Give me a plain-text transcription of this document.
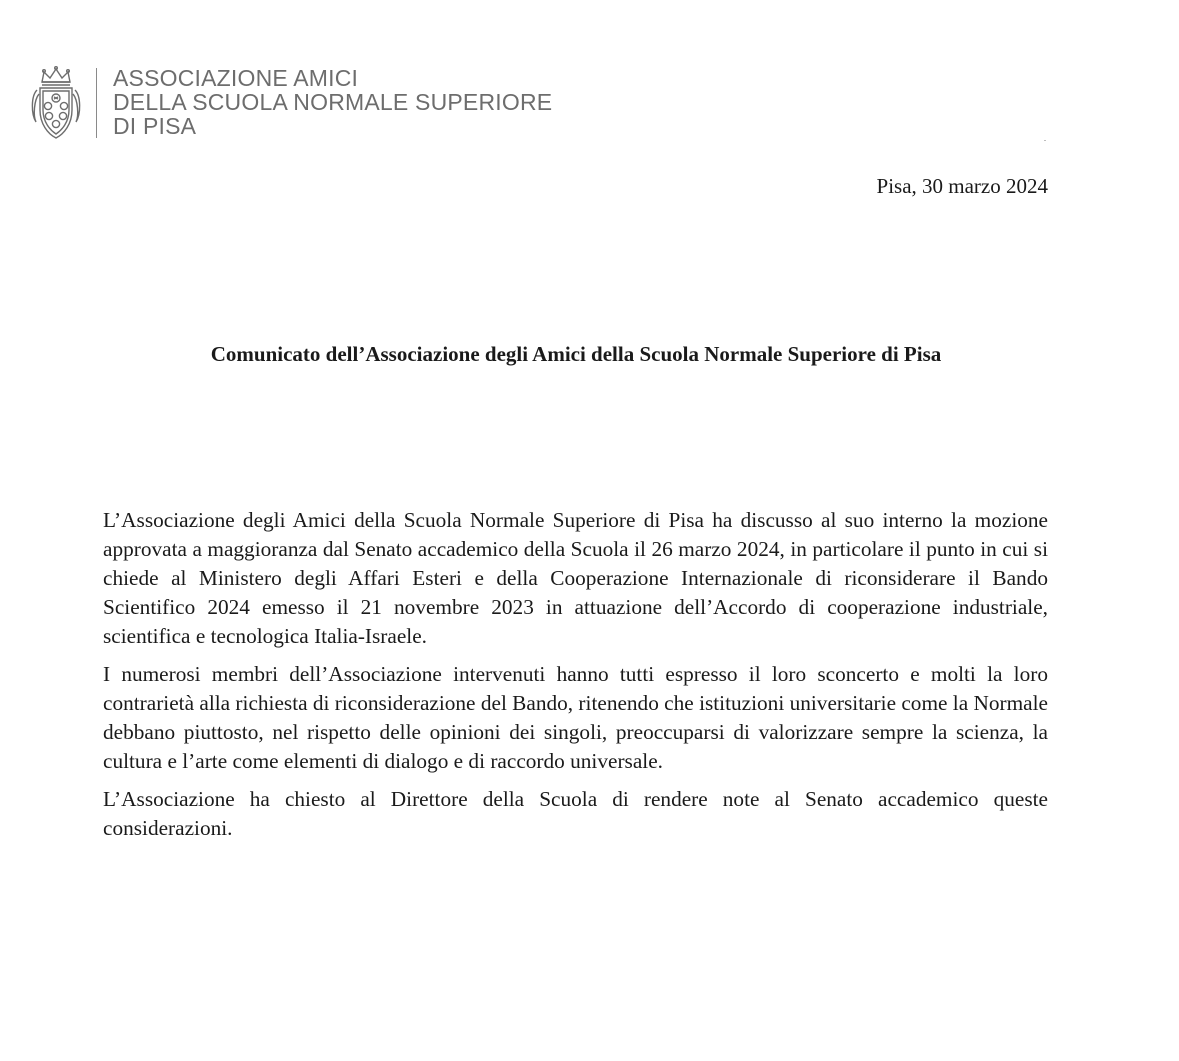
ASSOCIAZIONE AMICI
DELLA SCUOLA NORMALE SUPERIORE
DI PISA
Pisa, 30 marzo 2024
Comunicato dell’Associazione degli Amici della Scuola Normale Superiore di Pisa

L’Associazione degli Amici della Scuola Normale Superiore di Pisa ha discusso al suo interno la mozione approvata a maggioranza dal Senato accademico della Scuola il 26 marzo 2024, in particolare il punto in cui si chiede al Ministero degli Affari Esteri e della Cooperazione Internazionale di riconsiderare il Bando Scientifico 2024 emesso il 21 novembre 2023 in attuazione dell’Accordo di cooperazione industriale, scientifica e tecnologica Italia-Israele.

I numerosi membri dell’Associazione intervenuti hanno tutti espresso il loro sconcerto e molti la loro contrarietà alla richiesta di riconsiderazione del Bando, ritenendo che istituzioni universitarie come la Normale debbano piuttosto, nel rispetto delle opinioni dei singoli, preoccuparsi di valorizzare sempre la scienza, la cultura e l’arte come elementi di dialogo e di raccordo universale.

L’Associazione ha chiesto al Direttore della Scuola di rendere note al Senato accademico queste considerazioni.
